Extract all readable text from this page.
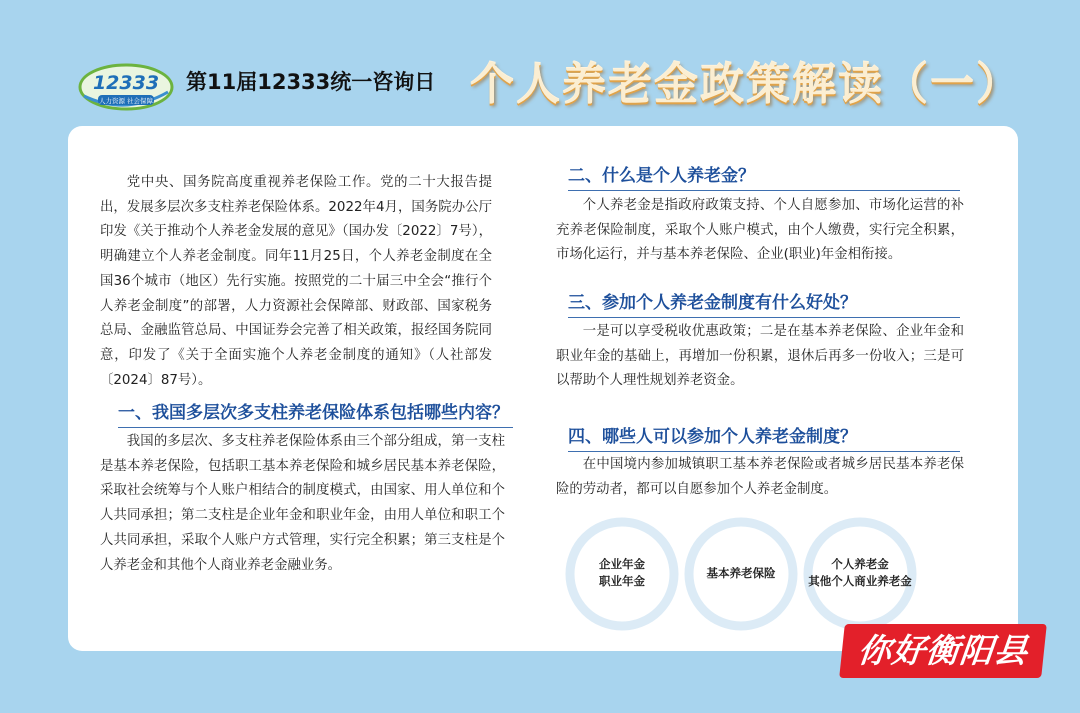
12333
人力资源 社会保障
第11届12333统一咨询日 个人养老金政策解读（一）

党中央、国务院高度重视养老保险工作。党的二十大报告提出，发展多层次多支柱养老保险体系。2022年4月，国务院办公厅印发《关于推动个人养老金发展的意见》（国办发〔2022〕7号），明确建立个人养老金制度。同年11月25日，个人养老金制度在全国36个城市（地区）先行实施。按照党的二十届三中全会“推行个人养老金制度”的部署，人力资源社会保障部、财政部、国家税务总局、金融监管总局、中国证券会完善了相关政策，报经国务院同意，印发了《关于全面实施个人养老金制度的通知》（人社部发〔2024〕87号）。

一、我国多层次多支柱养老保险体系包括哪些内容？

我国的多层次、多支柱养老保险体系由三个部分组成，第一支柱是基本养老保险，包括职工基本养老保险和城乡居民基本养老保险，采取社会统筹与个人账户相结合的制度模式，由国家、用人单位和个人共同承担；第二支柱是企业年金和职业年金，由用人单位和职工个人共同承担，采取个人账户方式管理，实行完全积累；第三支柱是个人养老金和其他个人商业养老金融业务。

二、什么是个人养老金？

个人养老金是指政府政策支持、个人自愿参加、市场化运营的补充养老保险制度，采取个人账户模式，由个人缴费，实行完全积累，市场化运行，并与基本养老保险、企业(职业)年金相衔接。

三、参加个人养老金制度有什么好处？

一是可以享受税收优惠政策；二是在基本养老保险、企业年金和职业年金的基础上，再增加一份积累，退休后再多一份收入；三是可以帮助个人理性规划养老资金。

四、哪些人可以参加个人养老金制度？

在中国境内参加城镇职工基本养老保险或者城乡居民基本养老保险的劳动者，都可以自愿参加个人养老金制度。

企业年金
职业年金
基本养老保险
个人养老金
其他个人商业养老金
你好衡阳县
